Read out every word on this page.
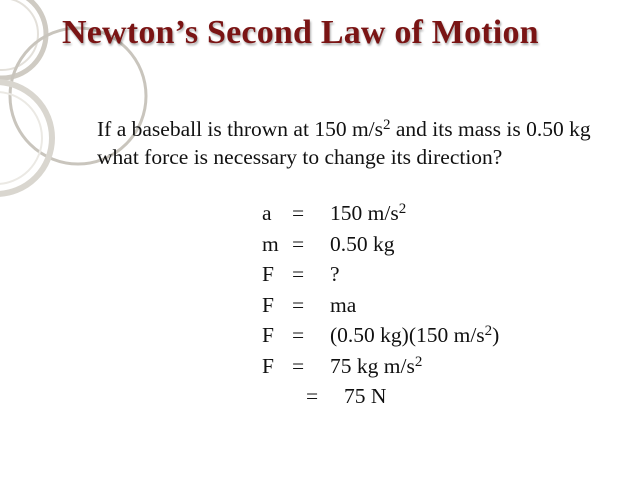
Newton’s Second Law of Motion

If a baseball is thrown at 150 $m/s^2$ and its mass is 0.50 kg what force is necessary to change its direction?

a = 150 $m/s^2$
m = 0.50 kg
F = ?
F = ma
F = (0.50 kg)(150 $m/s^2$)
F = 75 kg $m/s^2$
= 75 N
